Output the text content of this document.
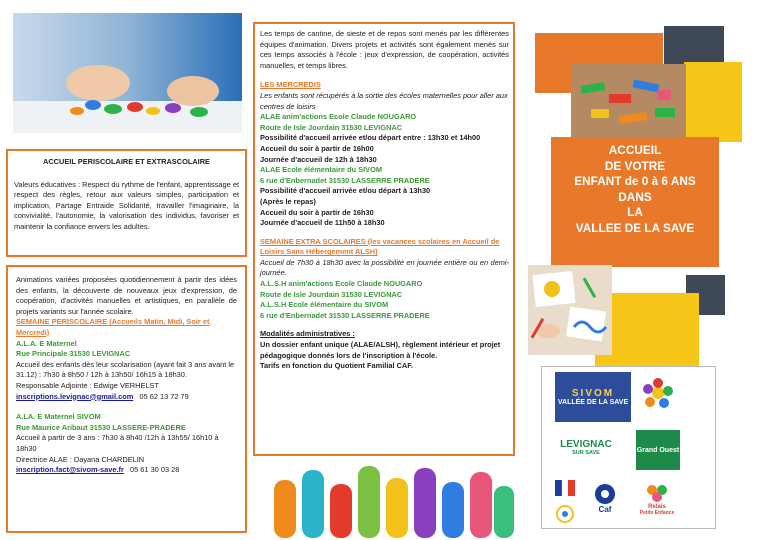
ACCUEIL PERISCOLAIRE ET EXTRASCOLAIRE
Valeurs éducatives : Respect du rythme de l'enfant, apprentissage et respect des règles, retour aux valeurs simples, participation et implication, Partage Entraide Solidarité, travailler l'imaginaire, la convivialité, l'autonomie, la valorisation des individus, favoriser et maintenir la confiance envers les adultes.
Animations variées proposées quotidiennement à partir des idées des enfants, la découverte de nouveaux jeux d'expression, de coopération, d'activités manuelles et artistiques, en parallèle de projets variants sur l'année scolaire.
SEMAINE PERISCOLAIRE (Accueils Matin, Midi, Soir et Mercredi)
A.L.A. E Maternel
Rue Principale 31530 LEVIGNAC
Accueil des enfants dès leur scolarisation (ayant fait 3 ans avant le 31.12) : 7h30 à 8h50 / 12h à 13h50/ 16h15 à 18h30.
Responsable Adjointe : Edwige VERHELST
inscriptions.levignac@gmail.com 05 62 13 72 79
A.LA. E Maternel SIVOM
Rue Maurice Aribaut 31530 LASSERE-PRADERE
Accueil à partir de 3 ans : 7h30 à 8h40 /12h à 13h55/ 16h10 à 18h30
Directrice ALAE : Dayana CHARDELIN
inscription.fact@sivom-save.fr 05 61 30 03 28
Les temps de cantine, de sieste et de repos sont menés par les différentes équipes d'animation. Divers projets et activités sont également menés sur ces temps associés à l'école : jeux d'expression, de coopération, activités manuelles, et temps libres.
LES MERCREDIS
Les enfants sont récupérés à la sortie des écoles maternelles pour aller aux centres de loisirs
ALAE anim'actions Ecole Claude NOUGARO
Route de Isle Jourdain 31530 LEVIGNAC
Possibilité d'accueil arrivée et/ou départ entre : 13h30 et 14h00
Accueil du soir à partir de 16h00
Journée d'accueil de 12h à 18h30
ALAE Ecole élémentaire du SIVOM
6 rue d'Enbernadet 31530 LASSERRE PRADERE
Possibilité d'accueil arrivée et/ou départ à 13h30
(Après le repas)
Accueil du soir à partir de 16h30
Journée d'accueil de 11h50 à 18h30
SEMAINE EXTRA SCOLAIRES (les vacances scolaires en Accueil de Loisirs Sans Hébergement ALSH)
Accueil de 7h30 à 18h30 avec la possibilité en journée entière ou en demi-journée.
A.L.S.H anim'actions Ecole Claude NOUGARO
Route de Isle Jourdain 31530 LEVIGNAC
A.L.S.H Ecole élémentaire du SIVOM
6 rue d'Enbernadet 31530 LASSERRE PRADERE
Modalités administratives :
Un dossier enfant unique (ALAE/ALSH), règlement intérieur et projet pédagogique donnés lors de l'inscription à l'école.
Tarifs en fonction du Quotient Familial CAF.
ACCUEIL
DE VOTRE
ENFANT de 0 à 6 ANS
DANS
LA
VALLEE DE LA SAVE
SIVOM
VALLÉE DE LA SAVE
LEVIGNAC
SUR SAVE	Grand Ouest
Caf	Relais
Petite Enfance
